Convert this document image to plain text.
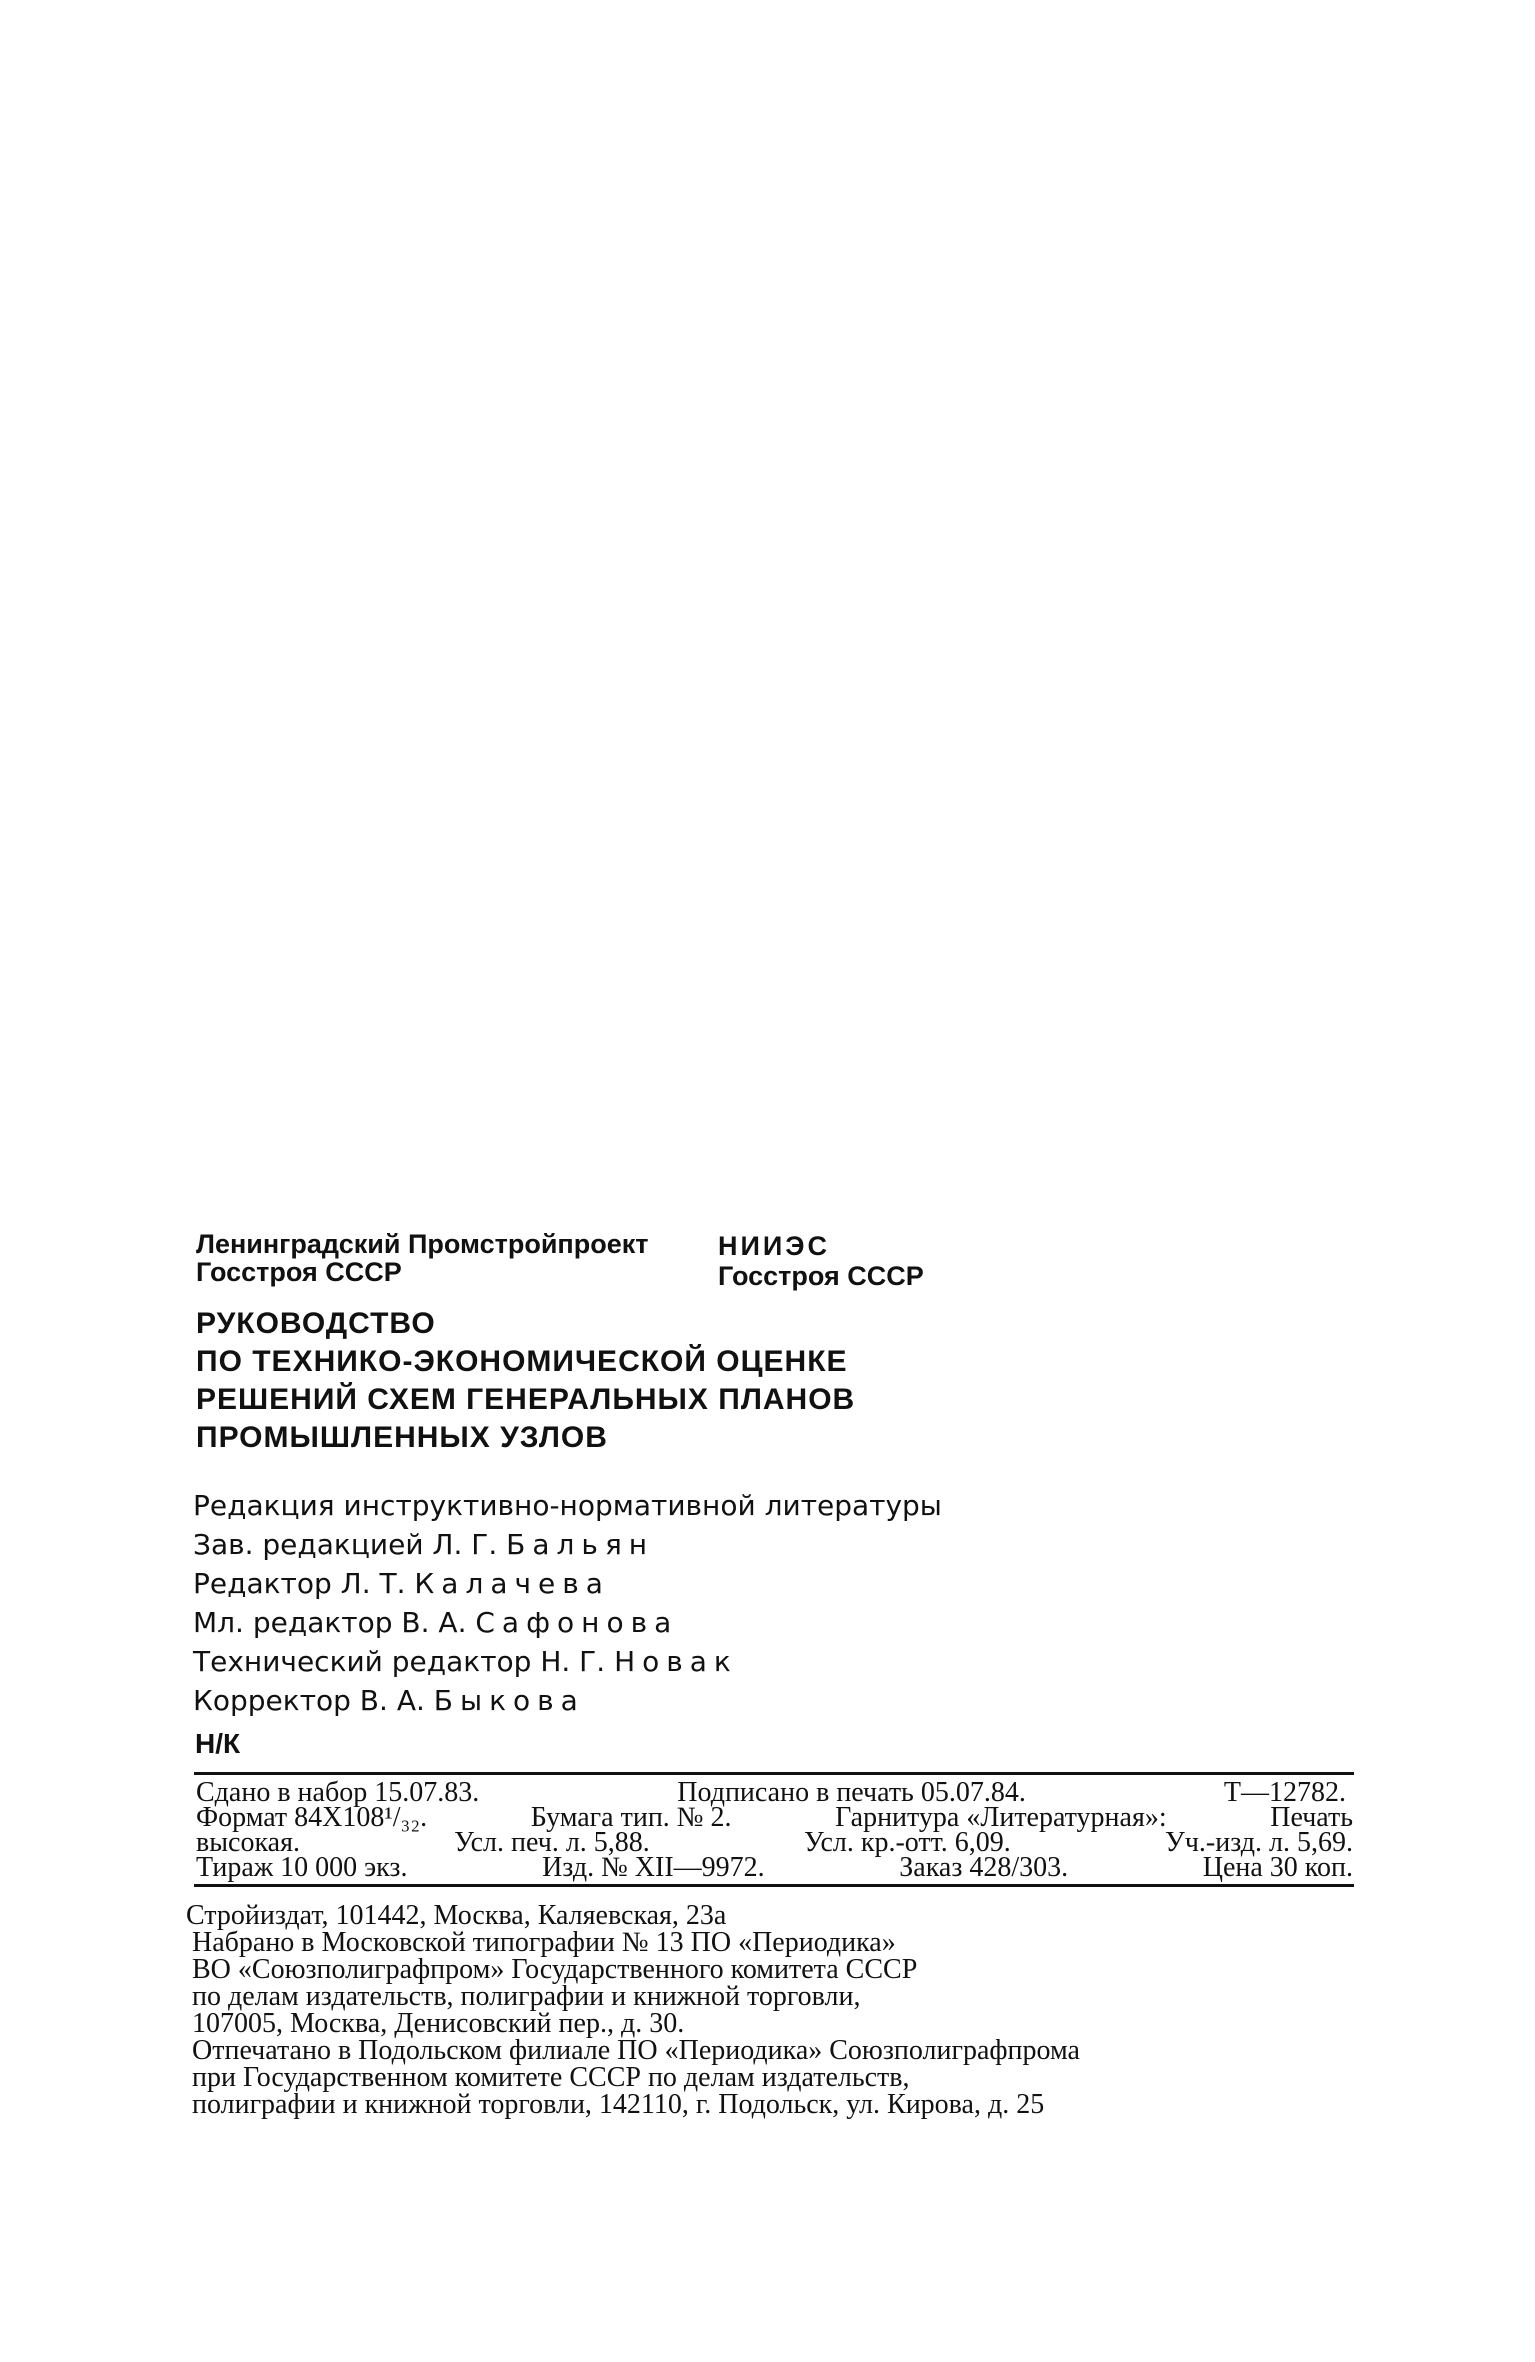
Ленинградский Промстройпроект
Госстроя СССР
НИИЭС
Госстроя СССР
РУКОВОДСТВО
ПО ТЕХНИКО-ЭКОНОМИЧЕСКОЙ ОЦЕНКЕ
РЕШЕНИЙ СХЕМ ГЕНЕРАЛЬНЫХ ПЛАНОВ
ПРОМЫШЛЕННЫХ УЗЛОВ
Редакция инструктивно-нормативной литературы
Зав. редакцией Л. Г. Бальян
Редактор Л. Т. Калачева
Мл. редактор В. А. Сафонова
Технический редактор Н. Г. Новак
Корректор В. А. Быкова
Н/К
Сдано в набор 15.07.83.	Подписано в печать 05.07.84.	Т—12782.
Формат 84X108¹/₃₂.	Бумага тип. № 2.	Гарнитура «Литературная»:	Печать
высокая.	Усл. печ. л. 5,88.	Усл. кр.-отт. 6,09.	Уч.-изд. л. 5,69.
Тираж 10 000 экз.	Изд. № XII—9972.	Заказ 428/303.	Цена 30 коп.
Стройиздат, 101442, Москва, Каляевская, 23а
Набрано в Московской типографии № 13 ПО «Периодика»
ВО «Союзполиграфпром» Государственного комитета СССР
по делам издательств, полиграфии и книжной торговли,
107005, Москва, Денисовский пер., д. 30.
Отпечатано в Подольском филиале ПО «Периодика» Союзполиграфпрома
при Государственном комитете СССР по делам издательств,
полиграфии и книжной торговли, 142110, г. Подольск, ул. Кирова, д. 25
